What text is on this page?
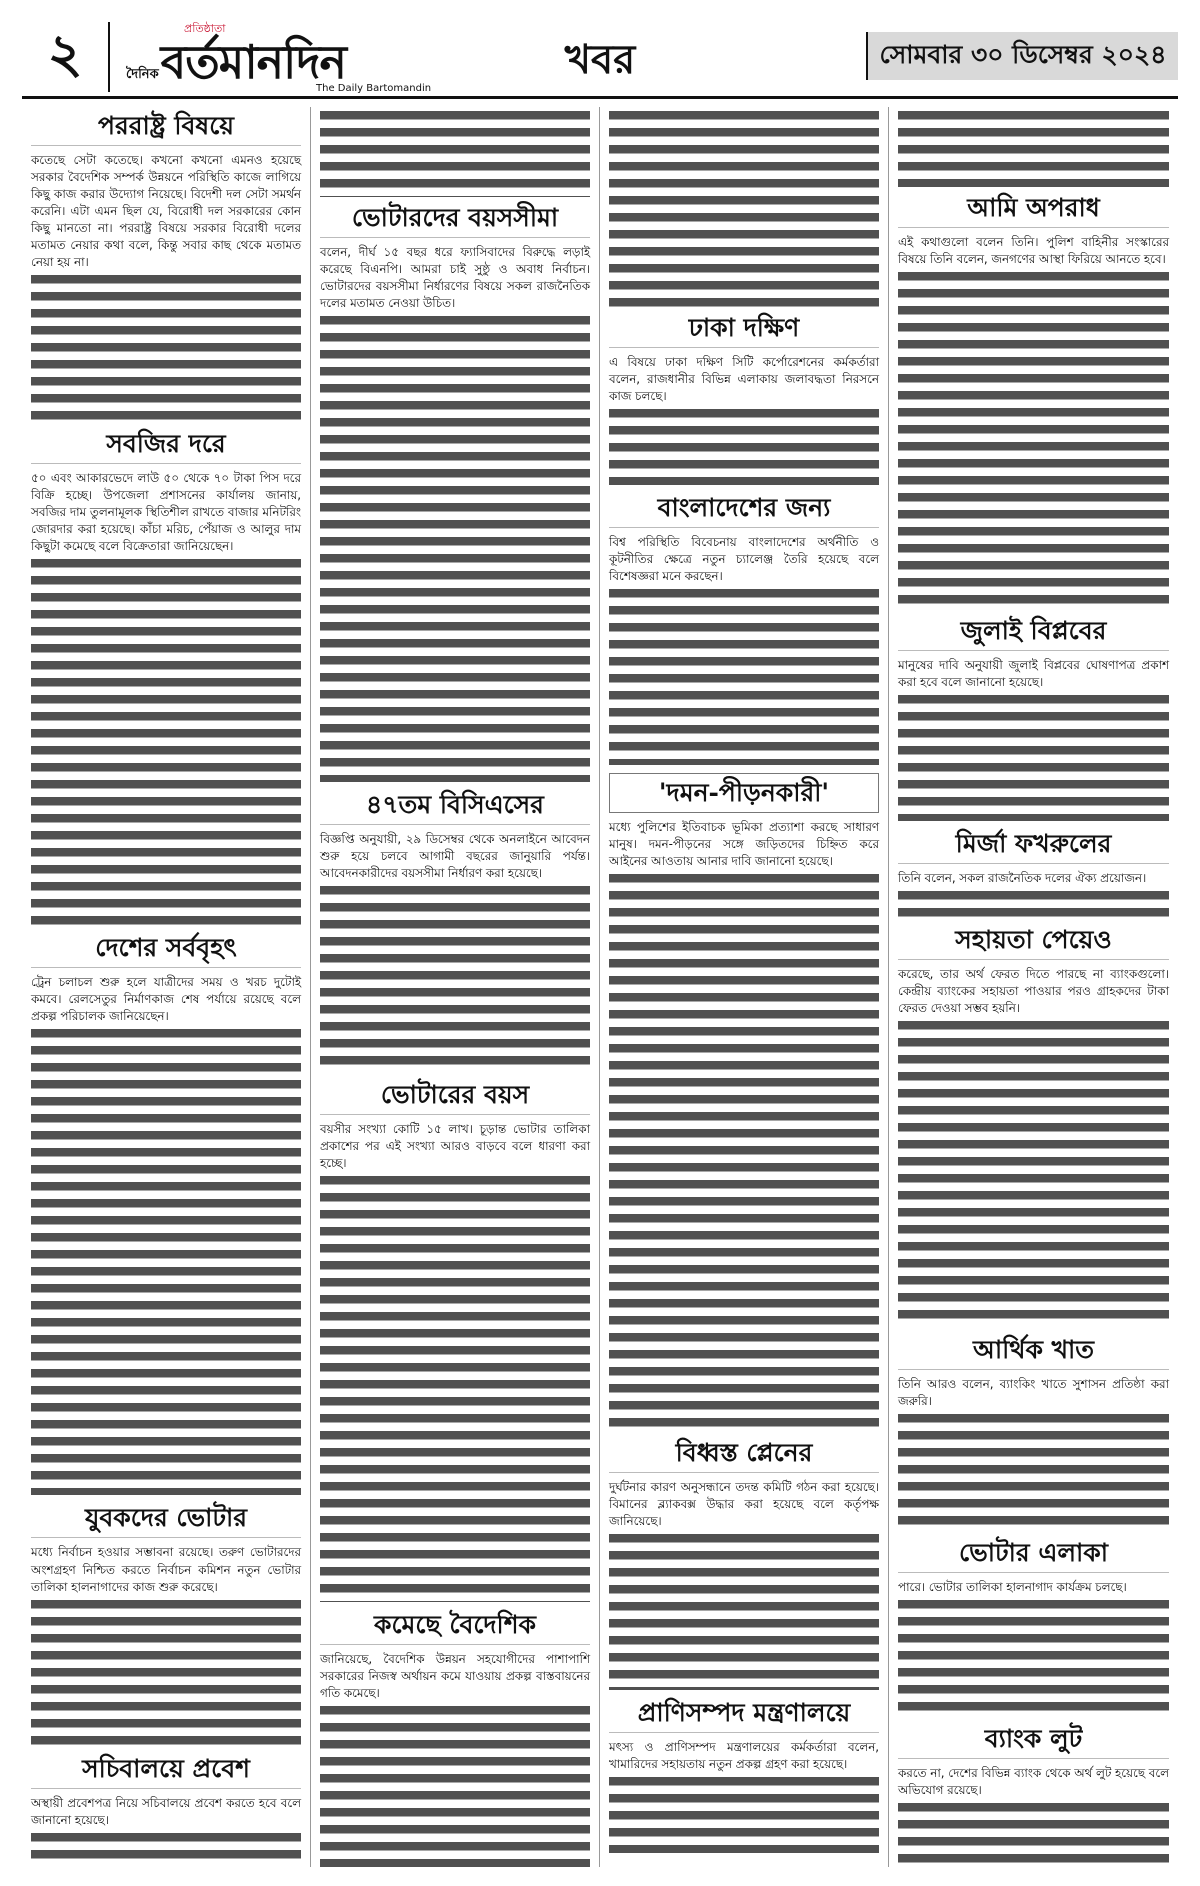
২	প্রতিষ্ঠাতা
দৈনিক বর্তমানদিন
The Daily Bartomandin
খবর	সোমবার ৩০ ডিসেম্বর ২০২৪
পররাষ্ট্র বিষয়ে

কতেছে সেটা কতেছে। কখনো কখনো এমনও হয়েছে সরকার বৈদেশিক সম্পর্ক উন্নয়নে পরিস্থিতি কাজে লাগিয়ে কিছু কাজ করার উদ্যোগ নিয়েছে। বিদেশী দল সেটা সমর্থন করেনি। এটা এমন ছিল যে, বিরোধী দল সরকারের কোন কিছু মানতো না। পররাষ্ট্র বিষয়ে সরকার বিরোধী দলের মতামত নেয়ার কথা বলে, কিন্তু সবার কাছ থেকে মতামত নেয়া হয় না।

সবজির দরে

৫০ এবং আকারভেদে লাউ ৫০ থেকে ৭০ টাকা পিস দরে বিক্রি হচ্ছে। উপজেলা প্রশাসনের কার্যালয় জানায়, সবজির দাম তুলনামূলক স্থিতিশীল রাখতে বাজার মনিটরিং জোরদার করা হয়েছে। কাঁচা মরিচ, পেঁয়াজ ও আলুর দাম কিছুটা কমেছে বলে বিক্রেতারা জানিয়েছেন।

দেশের সর্ববৃহৎ

ট্রেন চলাচল শুরু হলে যাত্রীদের সময় ও খরচ দুটোই কমবে। রেলসেতুর নির্মাণকাজ শেষ পর্যায়ে রয়েছে বলে প্রকল্প পরিচালক জানিয়েছেন।

যুবকদের ভোটার

মধ্যে নির্বাচন হওয়ার সম্ভাবনা রয়েছে। তরুণ ভোটারদের অংশগ্রহণ নিশ্চিত করতে নির্বাচন কমিশন নতুন ভোটার তালিকা হালনাগাদের কাজ শুরু করেছে।

সচিবালয়ে প্রবেশ

অস্থায়ী প্রবেশপত্র নিয়ে সচিবালয়ে প্রবেশ করতে হবে বলে জানানো হয়েছে।

ভোটারদের বয়সসীমা

বলেন, দীর্ঘ ১৫ বছর ধরে ফ্যাসিবাদের বিরুদ্ধে লড়াই করেছে বিএনপি। আমরা চাই সুষ্ঠু ও অবাধ নির্বাচন। ভোটারদের বয়সসীমা নির্ধারণের বিষয়ে সকল রাজনৈতিক দলের মতামত নেওয়া উচিত।

৪৭তম বিসিএসের

বিজ্ঞপ্তি অনুযায়ী, ২৯ ডিসেম্বর থেকে অনলাইনে আবেদন শুরু হয়ে চলবে আগামী বছরের জানুয়ারি পর্যন্ত। আবেদনকারীদের বয়সসীমা নির্ধারণ করা হয়েছে।

ভোটারের বয়স

বয়সীর সংখ্যা কোটি ১৫ লাখ। চূড়ান্ত ভোটার তালিকা প্রকাশের পর এই সংখ্যা আরও বাড়বে বলে ধারণা করা হচ্ছে।

কমেছে বৈদেশিক

জানিয়েছে, বৈদেশিক উন্নয়ন সহযোগীদের পাশাপাশি সরকারের নিজস্ব অর্থায়ন কমে যাওয়ায় প্রকল্প বাস্তবায়নের গতি কমেছে।

ঢাকা দক্ষিণ

এ বিষয়ে ঢাকা দক্ষিণ সিটি কর্পোরেশনের কর্মকর্তারা বলেন, রাজধানীর বিভিন্ন এলাকায় জলাবদ্ধতা নিরসনে কাজ চলছে।

বাংলাদেশের জন্য

বিশ্ব পরিস্থিতি বিবেচনায় বাংলাদেশের অর্থনীতি ও কূটনীতির ক্ষেত্রে নতুন চ্যালেঞ্জ তৈরি হয়েছে বলে বিশেষজ্ঞরা মনে করছেন।

'দমন-পীড়নকারী'

মধ্যে পুলিশের ইতিবাচক ভূমিকা প্রত্যাশা করছে সাধারণ মানুষ। দমন-পীড়নের সঙ্গে জড়িতদের চিহ্নিত করে আইনের আওতায় আনার দাবি জানানো হয়েছে।

বিধ্বস্ত প্লেনের

দুর্ঘটনার কারণ অনুসন্ধানে তদন্ত কমিটি গঠন করা হয়েছে। বিমানের ব্ল্যাকবক্স উদ্ধার করা হয়েছে বলে কর্তৃপক্ষ জানিয়েছে।

প্রাণিসম্পদ মন্ত্রণালয়ে

মৎস্য ও প্রাণিসম্পদ মন্ত্রণালয়ের কর্মকর্তারা বলেন, খামারিদের সহায়তায় নতুন প্রকল্প গ্রহণ করা হয়েছে।

আমি অপরাধ

এই কথাগুলো বলেন তিনি। পুলিশ বাহিনীর সংস্কারের বিষয়ে তিনি বলেন, জনগণের আস্থা ফিরিয়ে আনতে হবে।

জুলাই বিপ্লবের

মানুষের দাবি অনুযায়ী জুলাই বিপ্লবের ঘোষণাপত্র প্রকাশ করা হবে বলে জানানো হয়েছে।

মির্জা ফখরুলের

তিনি বলেন, সকল রাজনৈতিক দলের ঐক্য প্রয়োজন।

সহায়তা পেয়েও

করেছে, তার অর্থ ফেরত দিতে পারছে না ব্যাংকগুলো। কেন্দ্রীয় ব্যাংকের সহায়তা পাওয়ার পরও গ্রাহকদের টাকা ফেরত দেওয়া সম্ভব হয়নি।

আর্থিক খাত

তিনি আরও বলেন, ব্যাংকিং খাতে সুশাসন প্রতিষ্ঠা করা জরুরি।

ভোটার এলাকা

পারে। ভোটার তালিকা হালনাগাদ কার্যক্রম চলছে।

ব্যাংক লুট

করতে না, দেশের বিভিন্ন ব্যাংক থেকে অর্থ লুট হয়েছে বলে অভিযোগ রয়েছে।
